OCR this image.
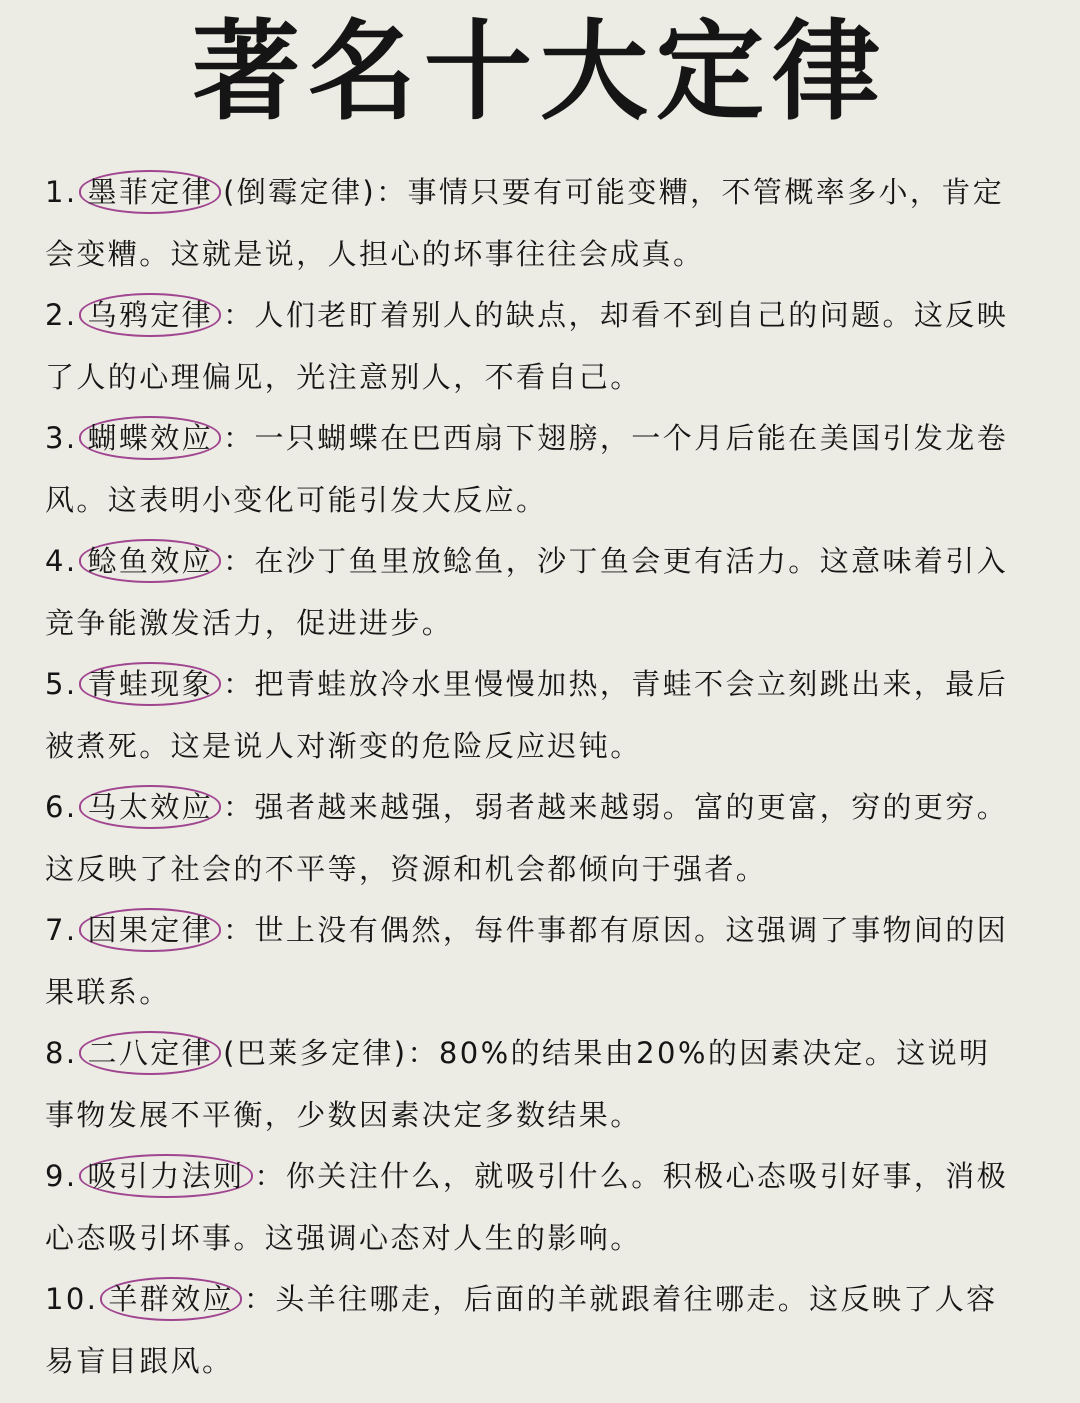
著名十大定律

1. 墨菲定律 (倒霉定律)：事情只要有可能变糟，不管概率多小，肯定会变糟。这就是说，人担心的坏事往往会成真。

2. 乌鸦定律 ：人们老盯着别人的缺点，却看不到自己的问题。这反映了人的心理偏见，光注意别人，不看自己。

3. 蝴蝶效应 ：一只蝴蝶在巴西扇下翅膀，一个月后能在美国引发龙卷风。这表明小变化可能引发大反应。

4. 鲶鱼效应 ：在沙丁鱼里放鲶鱼，沙丁鱼会更有活力。这意味着引入竞争能激发活力，促进进步。

5. 青蛙现象 ：把青蛙放冷水里慢慢加热，青蛙不会立刻跳出来，最后被煮死。这是说人对渐变的危险反应迟钝。

6. 马太效应 ：强者越来越强，弱者越来越弱。富的更富，穷的更穷。这反映了社会的不平等，资源和机会都倾向于强者。

7. 因果定律 ：世上没有偶然，每件事都有原因。这强调了事物间的因果联系。

8. 二八定律 (巴莱多定律)：80%的结果由20%的因素决定。这说明事物发展不平衡，少数因素决定多数结果。

9. 吸引力法则 ：你关注什么，就吸引什么。积极心态吸引好事，消极心态吸引坏事。这强调心态对人生的影响。

10. 羊群效应 ：头羊往哪走，后面的羊就跟着往哪走。这反映了人容易盲目跟风。
